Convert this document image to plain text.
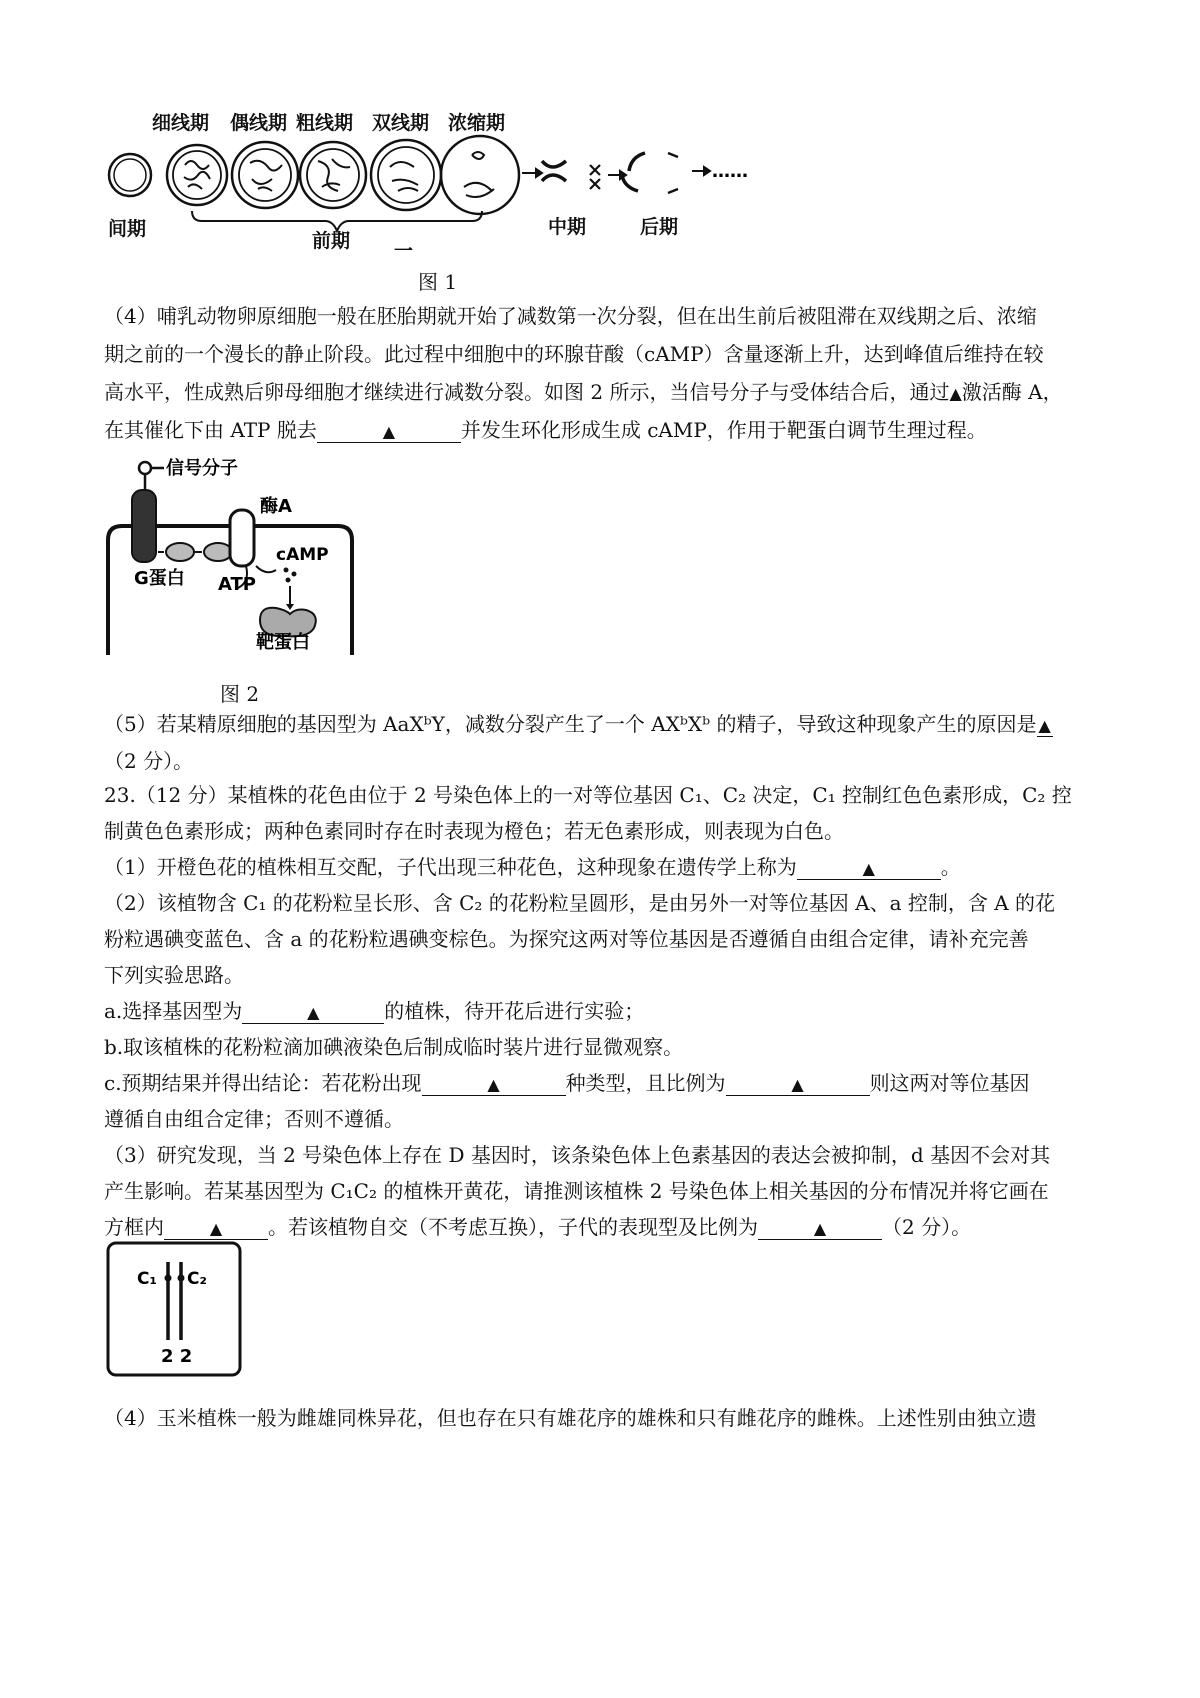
细线期 偶线期 粗线期 双线期 浓缩期
……
间期
前期 一
中期	后期
图 1
（4）哺乳动物卵原细胞一般在胚胎期就开始了减数第一次分裂，但在出生前后被阻滞在双线期之后、浓缩
期之前的一个漫长的静止阶段。此过程中细胞中的环腺苷酸（cAMP）含量逐渐上升，达到峰值后维持在较
高水平，性成熟后卵母细胞才继续进行减数分裂。如图 2 所示，当信号分子与受体结合后，通过▲激活酶 A，
在其催化下由 ATP 脱去	▲	并发生环化形成生成 cAMP，作用于靶蛋白调节生理过程。
信号分子
酶A
cAMP
G蛋白 ATP
靶蛋白
图 2
（5）若某精原细胞的基因型为 AaXᵇY，减数分裂产生了一个 AXᵇXᵇ 的精子，导致这种现象产生的原因是 ▲
（2 分）。
23.（12 分）某植株的花色由位于 2 号染色体上的一对等位基因 C₁、C₂ 决定，C₁ 控制红色色素形成，C₂ 控
制黄色色素形成；两种色素同时存在时表现为橙色；若无色素形成，则表现为白色。
（1）开橙色花的植株相互交配，子代出现三种花色，这种现象在遗传学上称为	▲	。
（2）该植物含 C₁ 的花粉粒呈长形、含 C₂ 的花粉粒呈圆形，是由另外一对等位基因 A、a 控制，含 A 的花
粉粒遇碘变蓝色、含 a 的花粉粒遇碘变棕色。为探究这两对等位基因是否遵循自由组合定律，请补充完善
下列实验思路。
a.选择基因型为	▲	的植株，待开花后进行实验；
b.取该植株的花粉粒滴加碘液染色后制成临时装片进行显微观察。
c.预期结果并得出结论：若花粉出现	▲	种类型，且比例为	▲	则这两对等位基因
遵循自由组合定律；否则不遵循。
（3）研究发现，当 2 号染色体上存在 D 基因时，该条染色体上色素基因的表达会被抑制，d 基因不会对其
产生影响。若某基因型为 C₁C₂ 的植株开黄花，请推测该植株 2 号染色体上相关基因的分布情况并将它画在
方框内	▲ 。若该植物自交（不考虑互换），子代的表现型及比例为	▲	（2 分）。
C₁ C₂
2 2
（4）玉米植株一般为雌雄同株异花，但也存在只有雄花序的雄株和只有雌花序的雌株。上述性别由独立遗
